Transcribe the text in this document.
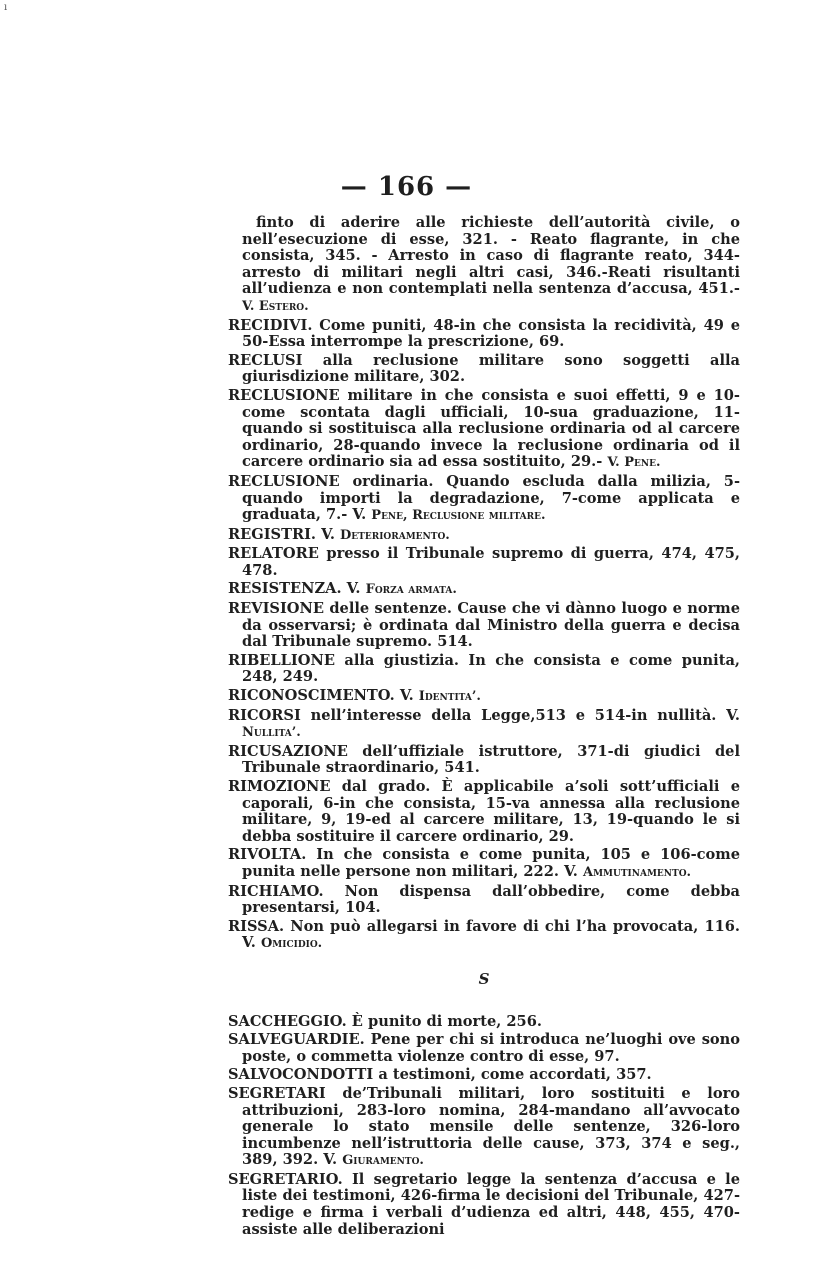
ı
— 166 —

finto di aderire alle richieste dell’autorità civile, o nell’esecuzione di esse, 321. - Reato flagrante, in che consista, 345. - Arresto in caso di flagrante reato, 344-arresto di militari negli altri casi, 346.-Reati risultanti all’udienza e non contemplati nella sentenza d’accusa, 451.- V. Estero.

RECIDIVI. Come puniti, 48-in che consista la recidività, 49 e 50-Essa interrompe la prescrizione, 69.

RECLUSI alla reclusione militare sono soggetti alla giurisdizione militare, 302.

RECLUSIONE militare in che consista e suoi effetti, 9 e 10-come scontata dagli ufficiali, 10-sua graduazione, 11-quando si sostituisca alla reclusione ordinaria od al carcere ordinario, 28-quando invece la reclusione ordinaria od il carcere ordinario sia ad essa sostituito, 29.- V. Pene.

RECLUSIONE ordinaria. Quando escluda dalla milizia, 5-quando importi la degradazione, 7-come applicata e graduata, 7.- V. Pene, Reclusione militare.

REGISTRI. V. Deterioramento.

RELATORE presso il Tribunale supremo di guerra, 474, 475, 478.

RESISTENZA. V. Forza armata.

REVISIONE delle sentenze. Cause che vi dànno luogo e norme da osservarsi; è ordinata dal Ministro della guerra e decisa dal Tribunale supremo. 514.

RIBELLIONE alla giustizia. In che consista e come punita, 248, 249.

RICONOSCIMENTO. V. Identita’.

RICORSI nell’interesse della Legge,513 e 514-in nullità. V. Nullita’.

RICUSAZIONE dell’uffiziale istruttore, 371-di giudici del Tribunale straordinario, 541.

RIMOZIONE dal grado. È applicabile a’soli sott’ufficiali e caporali, 6-in che consista, 15-va annessa alla reclusione militare, 9, 19-ed al carcere militare, 13, 19-quando le si debba sostituire il carcere ordinario, 29.

RIVOLTA. In che consista e come punita, 105 e 106-come punita nelle persone non militari, 222. V. Ammutinamento.

RICHIAMO. Non dispensa dall’obbedire, come debba presentarsi, 104.

RISSA. Non può allegarsi in favore di chi l’ha provocata, 116. V. Omicidio.

S

SACCHEGGIO. È punito di morte, 256.

SALVEGUARDIE. Pene per chi si introduca ne’luoghi ove sono poste, o commetta violenze contro di esse, 97.

SALVOCONDOTTI a testimoni, come accordati, 357.

SEGRETARI de’Tribunali militari, loro sostituiti e loro attribuzioni, 283-loro nomina, 284-mandano all’avvocato generale lo stato mensile delle sentenze, 326-loro incumbenze nell’istruttoria delle cause, 373, 374 e seg., 389, 392. V. Giuramento.

SEGRETARIO. Il segretario legge la sentenza d’accusa e le liste dei testimoni, 426-firma le decisioni del Tribunale, 427-redige e firma i verbali d’udienza ed altri, 448, 455, 470-assiste alle deliberazioni
